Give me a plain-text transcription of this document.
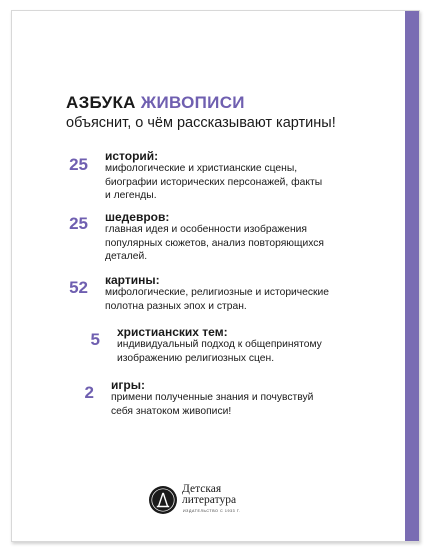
АЗБУКА ЖИВОПИСИ
объяснит, о чём рассказывают картины!
25 историй:
мифологические и христианские сцены,
биографии исторических персонажей, факты
и легенды.
25 шедевров:
главная идея и особенности изображения
популярных сюжетов, анализ повторяющихся
деталей.
52 картины:
мифологические, религиозные и исторические
полотна разных эпох и стран.
5 христианских тем:
индивидуальный подход к общепринятому
изображению религиозных сцен.
2 игры:
примени полученные знания и почувствуй
себя знатоком живописи!
Детская
литература
ИЗДАТЕЛЬСТВО С 1933 Г.
